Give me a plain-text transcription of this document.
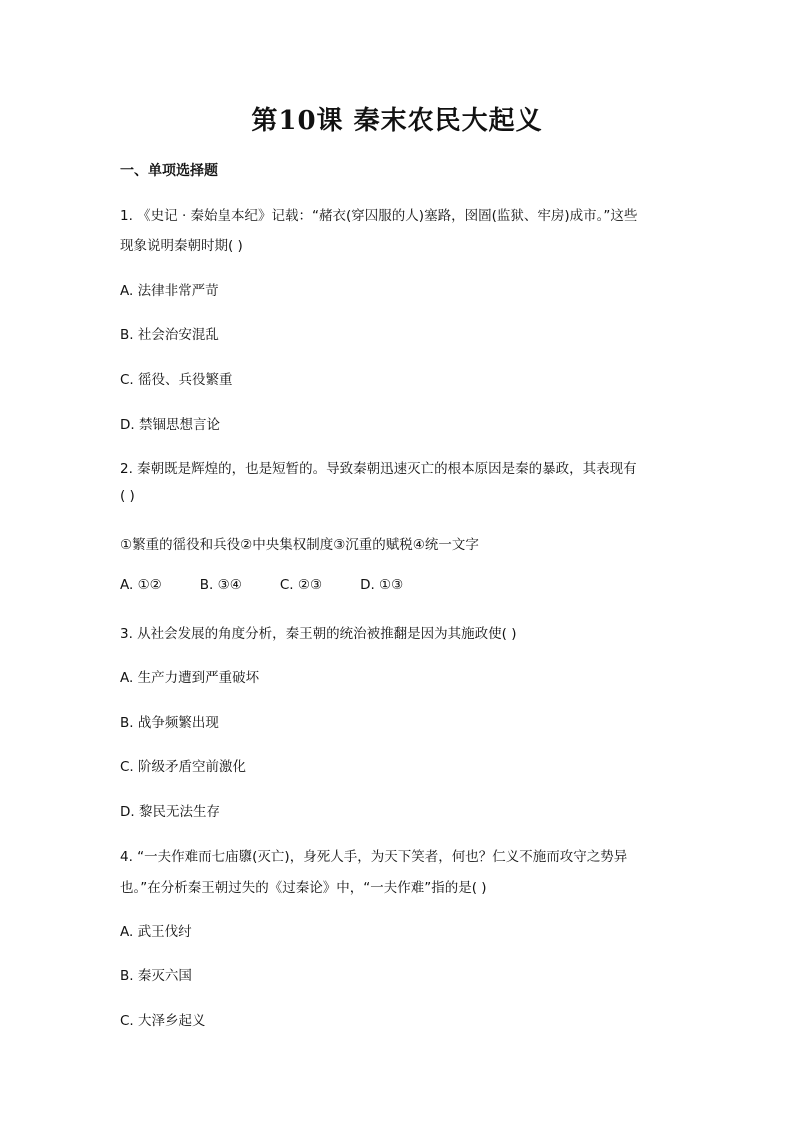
第10课 秦末农民大起义
一、单项选择题
1. 《史记 · 秦始皇本纪》记载：“赭衣(穿囚服的人)塞路，囹圄(监狱、牢房)成市。”这些
现象说明秦朝时期( )
A. 法律非常严苛
B. 社会治安混乱
C. 徭役、兵役繁重
D. 禁锢思想言论
2. 秦朝既是辉煌的，也是短暂的。导致秦朝迅速灭亡的根本原因是秦的暴政，其表现有
( )
①繁重的徭役和兵役②中央集权制度③沉重的赋税④统一文字
A. ①②	B. ③④	C. ②③	D. ①③
3. 从社会发展的角度分析，秦王朝的统治被推翻是因为其施政使( )
A. 生产力遭到严重破坏
B. 战争频繁出现
C. 阶级矛盾空前激化
D. 黎民无法生存
4. “一夫作难而七庙隳(灭亡)，身死人手，为天下笑者，何也？仁义不施而攻守之势异
也。”在分析秦王朝过失的《过秦论》中，“一夫作难”指的是( )
A. 武王伐纣
B. 秦灭六国
C. 大泽乡起义
